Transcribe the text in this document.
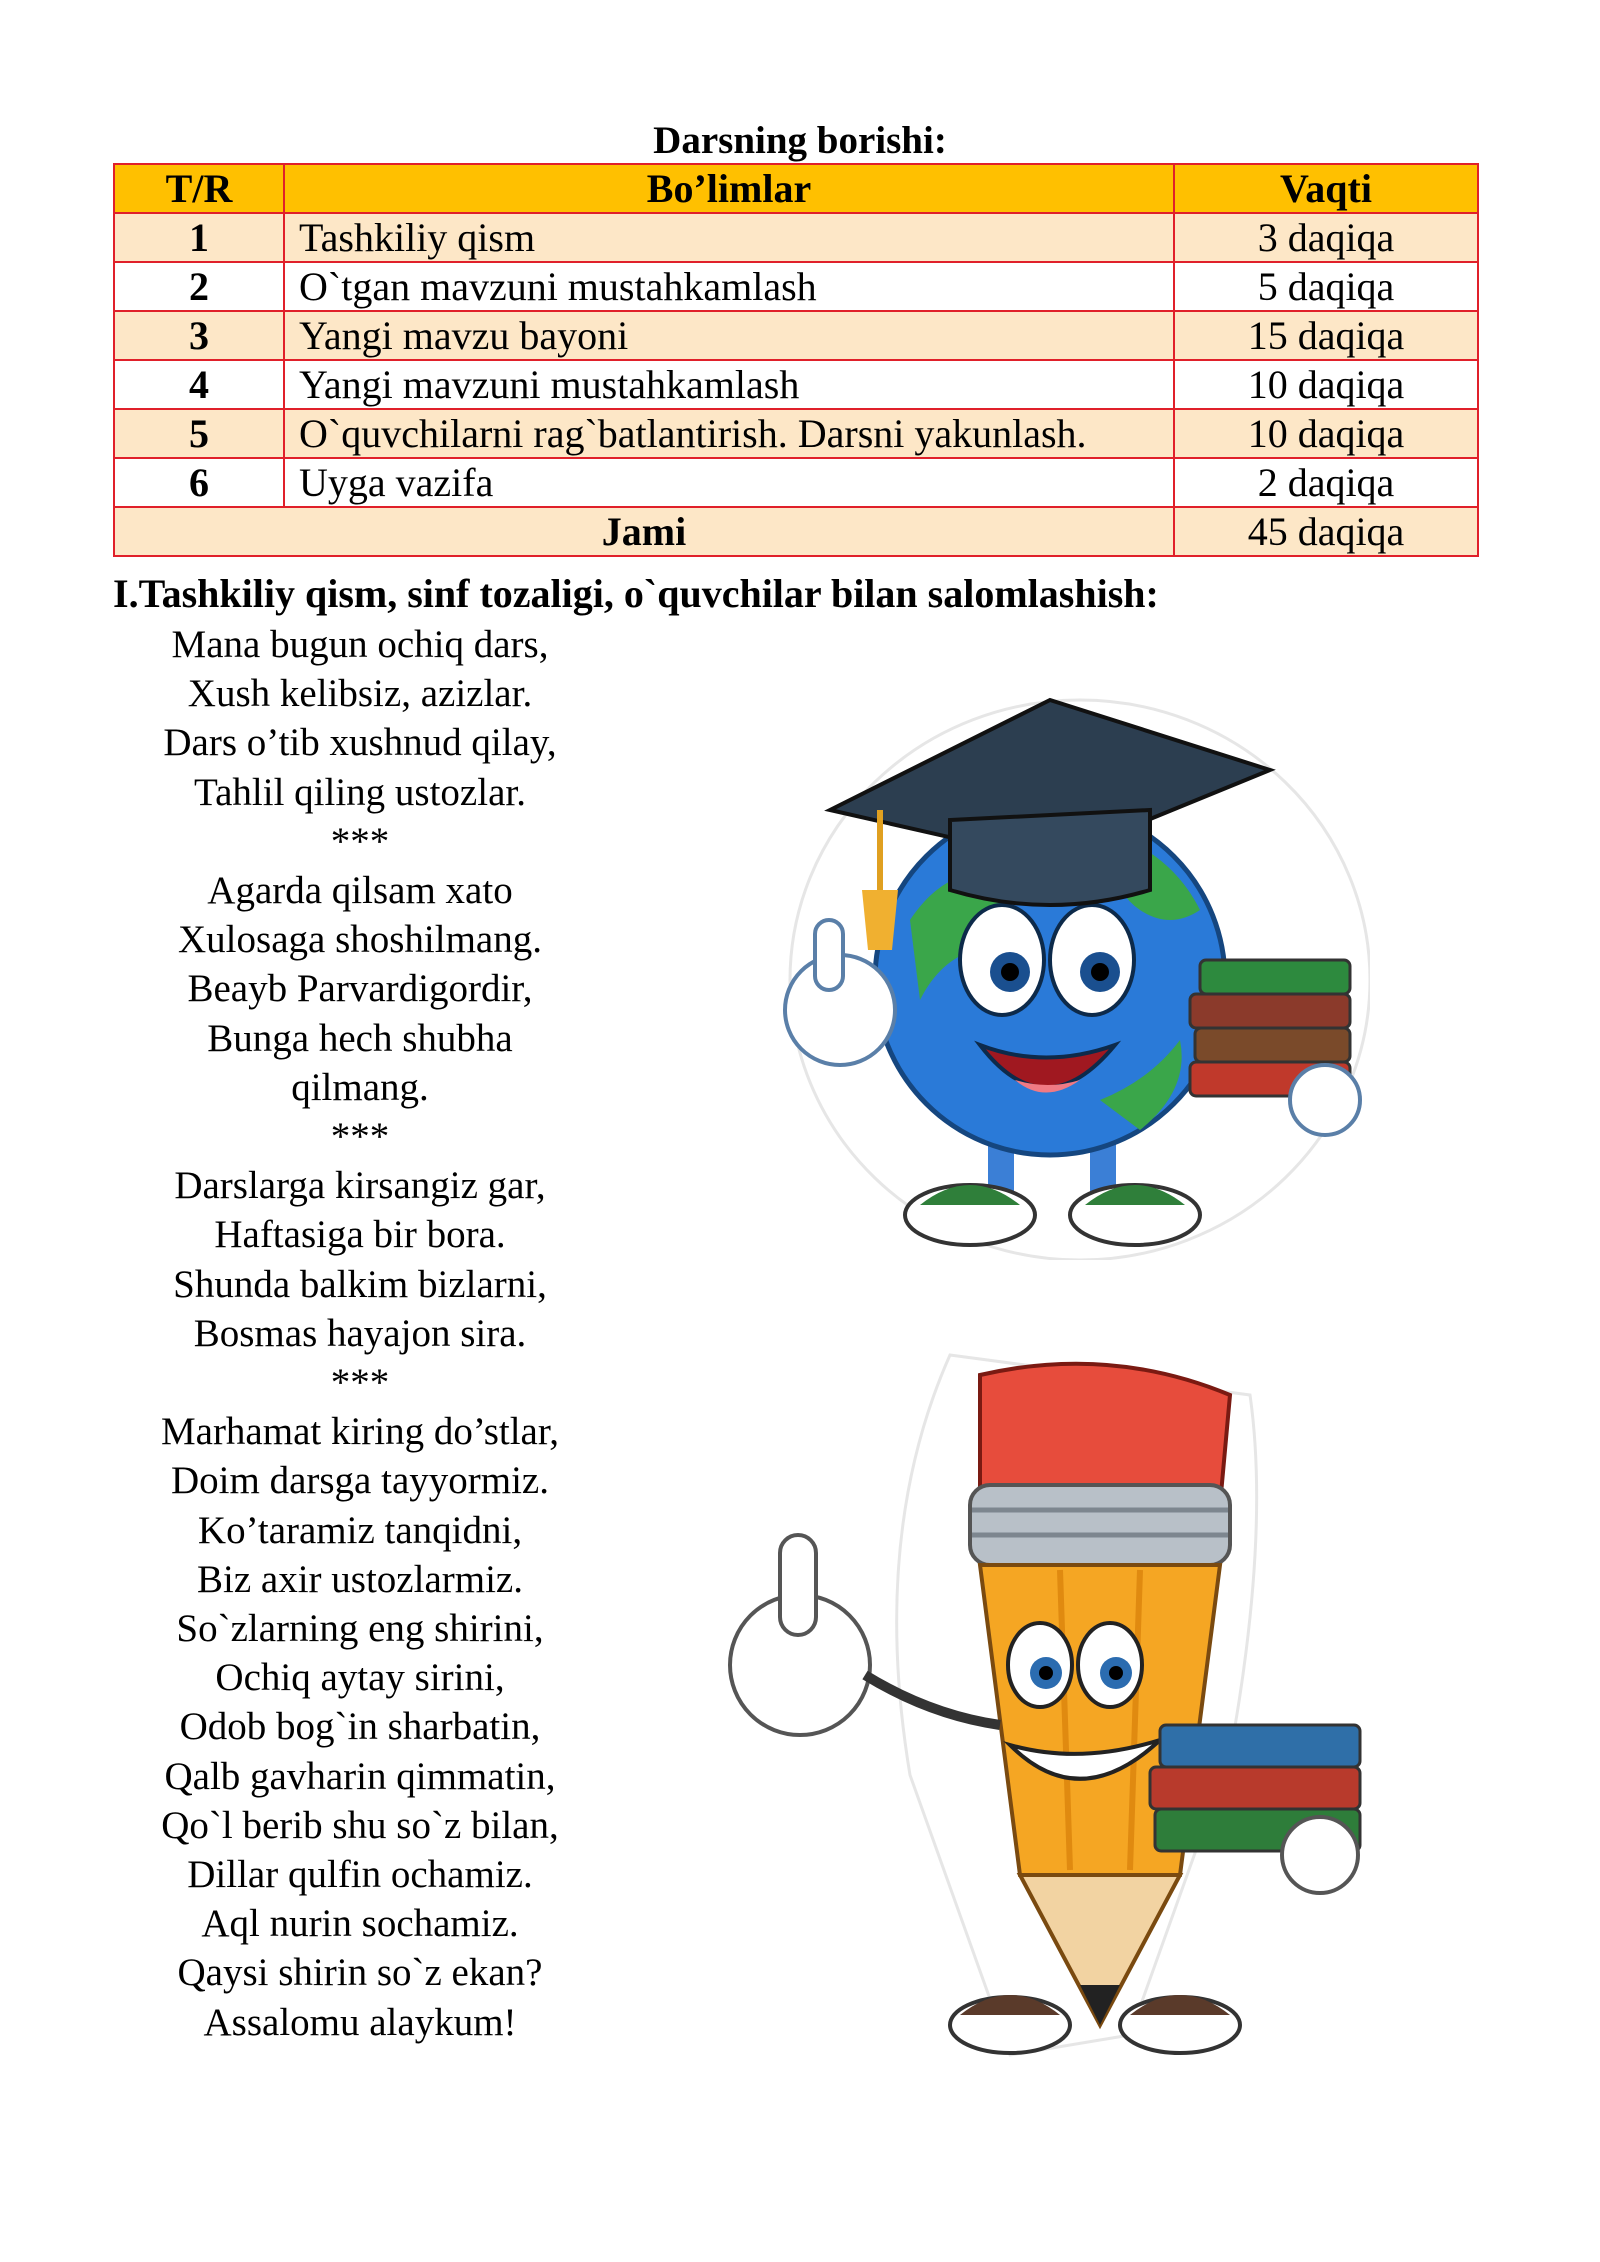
Darsning borishi:
T/R	Bo’limlar	Vaqti
1	Tashkiliy qism	3 daqiqa
2	O`tgan mavzuni mustahkamlash	5 daqiqa
3	Yangi mavzu bayoni	15 daqiqa
4	Yangi mavzuni mustahkamlash	10 daqiqa
5	O`quvchilarni rag`batlantirish. Darsni yakunlash.	10 daqiqa
6	Uyga vazifa	2 daqiqa
Jami		45 daqiqa
I.Tashkiliy qism, sinf tozaligi, o`quvchilar bilan salomlashish:
Mana bugun ochiq dars,
Xush kelibsiz, azizlar.
Dars o’tib xushnud qilay,
Tahlil qiling ustozlar.
***
Agarda qilsam xato
Xulosaga shoshilmang.
Beayb Parvardigordir,
Bunga hech shubha
qilmang.
***
Darslarga kirsangiz gar,
Haftasiga bir bora.
Shunda balkim bizlarni,
Bosmas hayajon sira.
***
Marhamat kiring do’stlar,
Doim darsga tayyormiz.
Ko’taramiz tanqidni,
Biz axir ustozlarmiz.
So`zlarning eng shirini,
Ochiq aytay sirini,
Odob bog`in sharbatin,
Qalb gavharin qimmatin,
Qo`l berib shu so`z bilan,
Dillar qulfin ochamiz.
Aql nurin sochamiz.
Qaysi shirin so`z ekan?
Assalomu alaykum!
